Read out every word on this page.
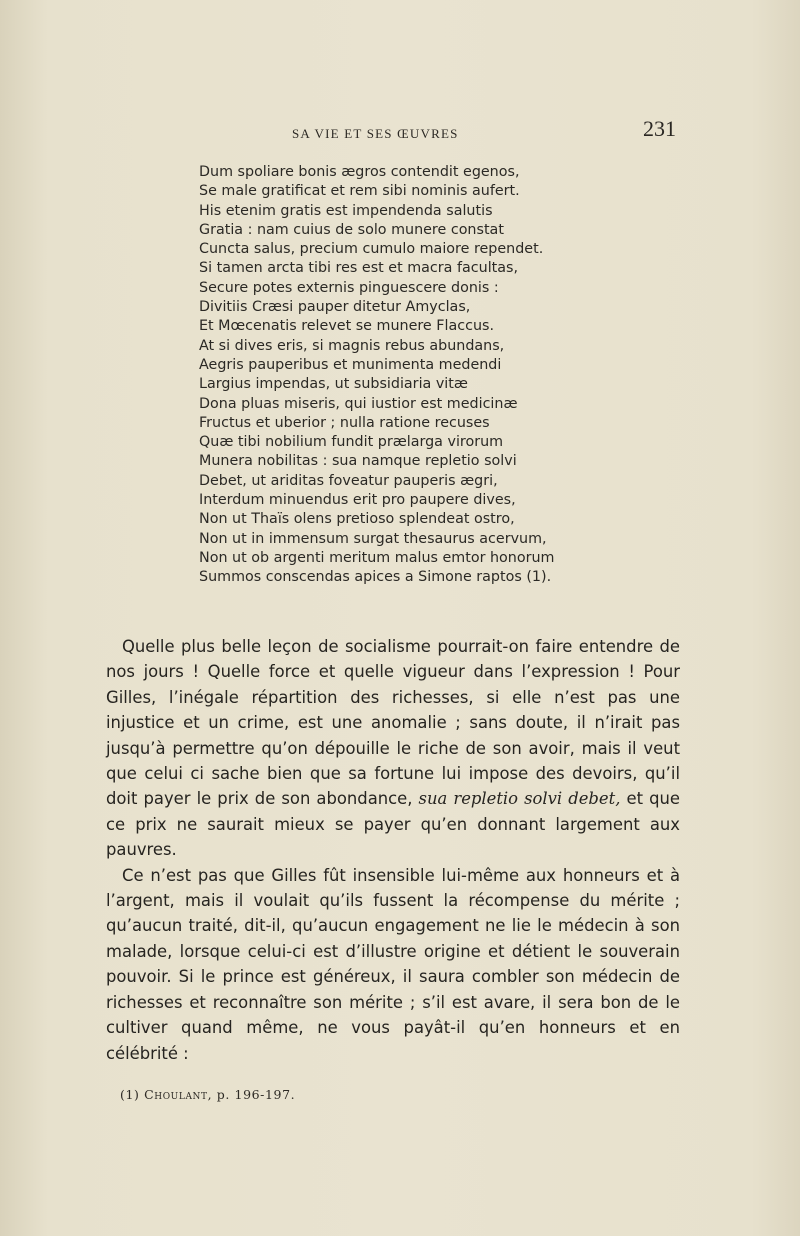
SA VIE ET SES ŒUVRES	231
Dum spoliare bonis ægros contendit egenos,
Se male gratificat et rem sibi nominis aufert.
His etenim gratis est impendenda salutis
Gratia : nam cuius de solo munere constat
Cuncta salus, precium cumulo maiore rependet.
Si tamen arcta tibi res est et macra facultas,
Secure potes externis pinguescere donis :
Divitiis Cræsi pauper ditetur Amyclas,
Et Mœcenatis relevet se munere Flaccus.
At si dives eris, si magnis rebus abundans,
Aegris pauperibus et munimenta medendi
Largius impendas, ut subsidiaria vitæ
Dona pluas miseris, qui iustior est medicinæ
Fructus et uberior ; nulla ratione recuses
Quæ tibi nobilium fundit prælarga virorum
Munera nobilitas : sua namque repletio solvi
Debet, ut ariditas foveatur pauperis ægri,
Interdum minuendus erit pro paupere dives,
Non ut Thaïs olens pretioso splendeat ostro,
Non ut in immensum surgat thesaurus acervum,
Non ut ob argenti meritum malus emtor honorum
Summos conscendas apices a Simone raptos (1).

Quelle plus belle leçon de socialisme pourrait-on faire entendre de nos jours ! Quelle force et quelle vigueur dans l’expression ! Pour Gilles, l’inégale répartition des richesses, si elle n’est pas une injustice et un crime, est une anomalie ; sans doute, il n’irait pas jusqu’à permettre qu’on dépouille le riche de son avoir, mais il veut que celui ci sache bien que sa fortune lui impose des devoirs, qu’il doit payer le prix de son abondance, sua repletio solvi debet, et que ce prix ne saurait mieux se payer qu’en donnant largement aux pauvres.

Ce n’est pas que Gilles fût insensible lui-même aux honneurs et à l’argent, mais il voulait qu’ils fussent la récompense du mérite ; qu’aucun traité, dit-il, qu’aucun engagement ne lie le médecin à son malade, lorsque celui-ci est d’illustre origine et détient le souverain pouvoir. Si le prince est généreux, il saura combler son médecin de richesses et reconnaître son mérite ; s’il est avare, il sera bon de le cultiver quand même, ne vous payât-il qu’en honneurs et en célébrité :

(1) Choulant, p. 196-197.
